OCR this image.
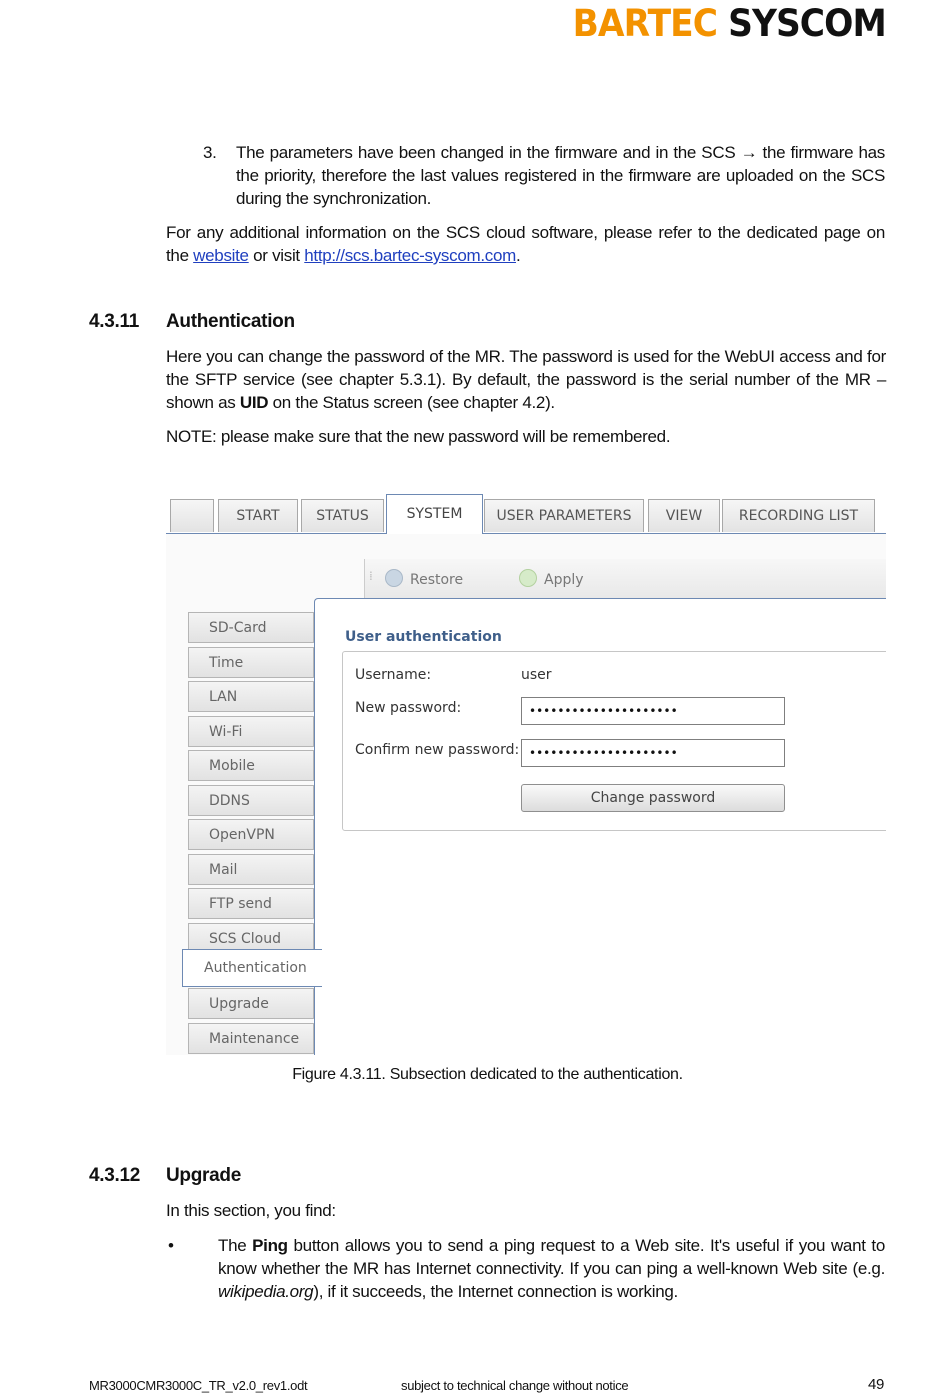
BARTEC SYSCOM
3.	The parameters have been changed in the firmware and in the SCS → the firmware has the priority, therefore the last values registered in the firmware are uploaded on the SCS during the synchronization.
For any additional information on the SCS cloud software, please refer to the dedicated page on the website or visit http://scs.bartec-syscom.com.
4.3.11 Authentication
Here you can change the password of the MR. The password is used for the WebUI access and for the SFTP service (see chapter 5.3.1). By default, the password is the serial number of the MR – shown as UID on the Status screen (see chapter 4.2).
NOTE: please make sure that the new password will be remembered.
START	STATUS	SYSTEM	USER PARAMETERS	VIEW	RECORDING LIST
⁞	Restore	Apply
SD-Card
Time
LAN
Wi-Fi
Mobile
DDNS
OpenVPN
Mail
FTP send
SCS Cloud
Upgrade
Maintenance
User authentication
Username:	user
New password:	•••••••••••••••••••••
Confirm new password: •••••••••••••••••••••
Change password
Authentication
Figure 4.3.11. Subsection dedicated to the authentication.
4.3.12 Upgrade
In this section, you find:
•	The Ping button allows you to send a ping request to a Web site. It's useful if you want to know whether the MR has Internet connectivity. If you can ping a well-known Web site (e.g. wikipedia.org), if it succeeds, the Internet connection is working.
MR3000CMR3000C_TR_v2.0_rev1.odt	subject to technical change without notice	49
